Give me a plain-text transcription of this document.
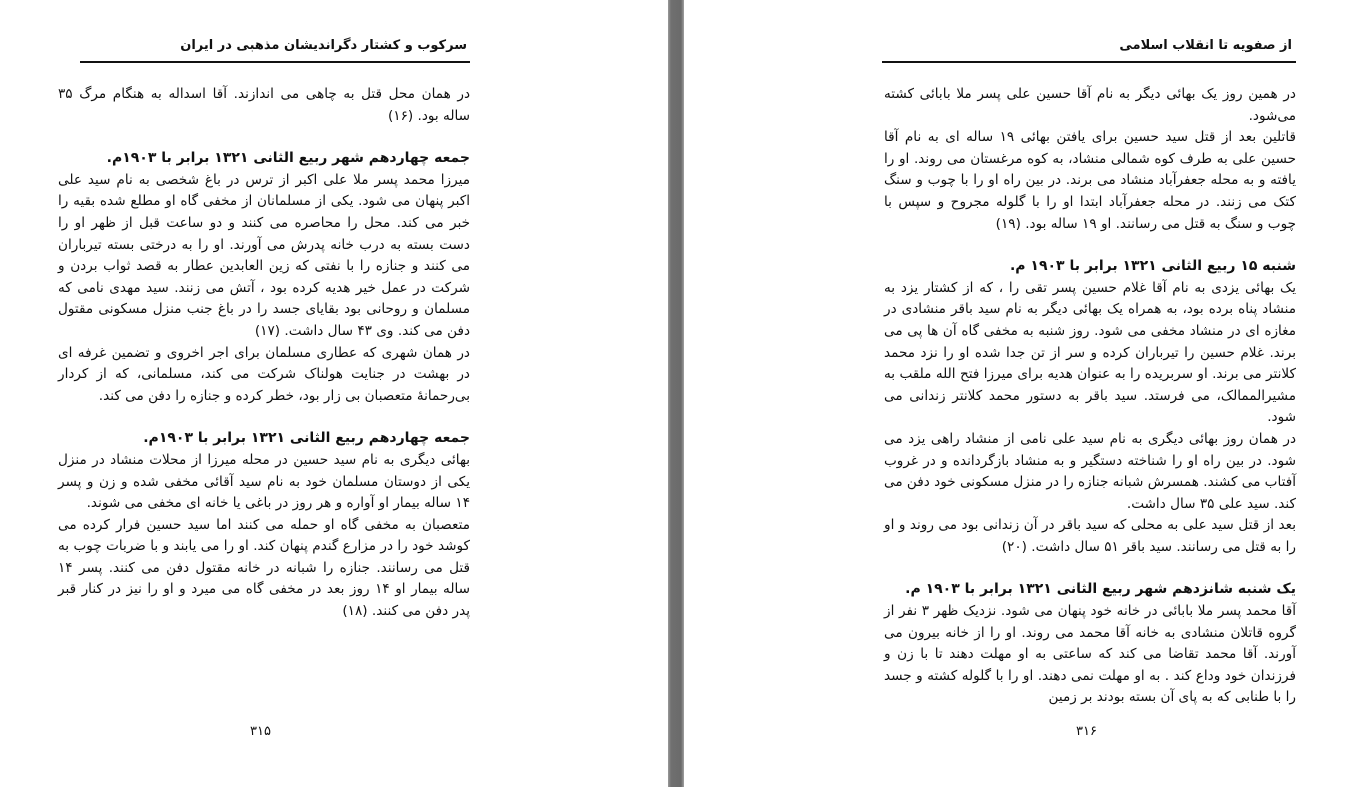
سرکوب و کشتار دگراندیشان مذهبی در ایران

در همان محل قتل به چاهی می اندازند. آقا اسداله به هنگام مرگ ۳۵ ساله بود. (۱۶)

جمعه چهاردهم شهر ربیع الثانی ۱۳۲۱ برابر با ۱۹۰۳م.

میرزا محمد پسر ملا علی اکبر از ترس در باغ شخصی به نام سید علی اکبر پنهان می شود. یکی از مسلمانان از مخفی گاه او مطلع شده بقیه را خبر می کند. محل را محاصره می کنند و دو ساعت قبل از ظهر او را دست بسته به درب خانه پدرش می آورند. او را به درختی بسته تیرباران می کنند و جنازه را با نفتی که زین العابدین عطار به قصد ثواب بردن و شرکت در عمل خیر هدیه کرده بود ، آتش می زنند. سید مهدی نامی که مسلمان و روحانی بود بقایای جسد را در باغ جنب منزل مسکونی مقتول دفن می کند. وی ۴۳ سال داشت. (۱۷)

در همان شهری که عطاری مسلمان برای اجر اخروی و تضمین غرفه ای در بهشت در جنایت هولناک شرکت می کند، مسلمانی، که از کردار بی‌رحمانهٔ متعصبان بی زار بود، خطر کرده و جنازه را دفن می کند.

جمعه چهاردهم ربیع الثانی ۱۳۲۱ برابر با ۱۹۰۳م.

بهائی دیگری به نام سید حسین در محله میرزا از محلات منشاد در منزل یکی از دوستان مسلمان خود به نام سید آقائی مخفی شده و زن و پسر ۱۴ ساله بیمار او آواره و هر روز در باغی یا خانه ای مخفی می شوند.

متعصبان به مخفی گاه او حمله می کنند اما سید حسین فرار کرده می کوشد خود را در مزارع گندم پنهان کند. او را می یابند و با ضربات چوب به قتل می رسانند. جنازه را شبانه در خانه مقتول دفن می کنند. پسر ۱۴ ساله بیمار او ۱۴ روز بعد در مخفی گاه می میرد و او را نیز در کنار قبر پدر دفن می کنند. (۱۸)

۳۱۵
از صفویه تا انقلاب اسلامی

در همین روز یک بهائی دیگر به نام آقا حسین علی پسر ملا بابائی کشته می‌شود.

قاتلین بعد از قتل سید حسین برای یافتن بهائی ۱۹ ساله ای به نام آقا حسین علی به طرف کوه شمالی منشاد، به کوه مرغستان می روند. او را یافته و به محله جعفرآباد منشاد می برند. در بین راه او را با چوب و سنگ کتک می زنند. در محله جعفرآباد ابتدا او را با گلوله مجروح و سپس با چوب و سنگ به قتل می رسانند. او ۱۹ ساله بود. (۱۹)

شنبه ۱۵ ربیع الثانی ۱۳۲۱ برابر با ۱۹۰۳ م.

یک بهائی یزدی به نام آقا غلام حسین پسر تقی را ، که از کشتار یزد به منشاد پناه برده بود، به همراه یک بهائی دیگر به نام سید باقر منشادی در مغازه ای در منشاد مخفی می شود. روز شنبه به مخفی گاه آن ها پی می برند. غلام حسین را تیرباران کرده و سر از تن جدا شده او را نزد محمد کلانتر می برند. او سربریده را به عنوان هدیه برای میرزا فتح الله ملقب به مشیرالممالک، می فرستد. سید باقر به دستور محمد کلانتر زندانی می شود.

در همان روز بهائی دیگری به نام سید علی نامی از منشاد راهی یزد می شود. در بین راه او را شناخته دستگیر و به منشاد بازگردانده و در غروب آفتاب می کشند. همسرش شبانه جنازه را در منزل مسکونی خود دفن می کند. سید علی ۳۵ سال داشت.

بعد از قتل سید علی به محلی که سید باقر در آن زندانی بود می روند و او را به قتل می رسانند. سید باقر ۵۱ سال داشت. (۲۰)

یک شنبه شانزدهم شهر ربیع الثانی ۱۳۲۱ برابر با ۱۹۰۳ م.

آقا محمد پسر ملا بابائی در خانه خود پنهان می شود. نزدیک ظهر ۳ نفر از گروه قاتلان منشادی به خانه آقا محمد می روند. او را از خانه بیرون می آورند. آقا محمد تقاضا می کند که ساعتی به او مهلت دهند تا با زن و فرزندان خود وداع کند . به او مهلت نمی دهند. او را با گلوله کشته و جسد را با طنابی که به پای آن بسته بودند بر زمین

۳۱۶
